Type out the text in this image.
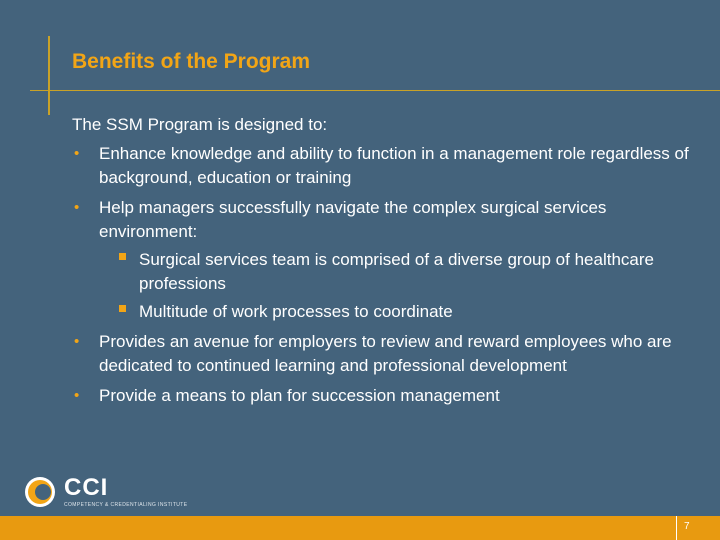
Benefits of the Program

The SSM Program is designed to:

• Enhance knowledge and ability to function in a management role regardless of background, education or training
• Help managers successfully navigate the complex surgical services environment:
Surgical services team is comprised of a diverse group of healthcare professions
Multitude of work processes to coordinate
• Provides an avenue for employers to review and reward employees who are dedicated to continued learning and professional development
• Provide a means to plan for succession management
CCI
COMPETENCY & CREDENTIALING INSTITUTE
7
